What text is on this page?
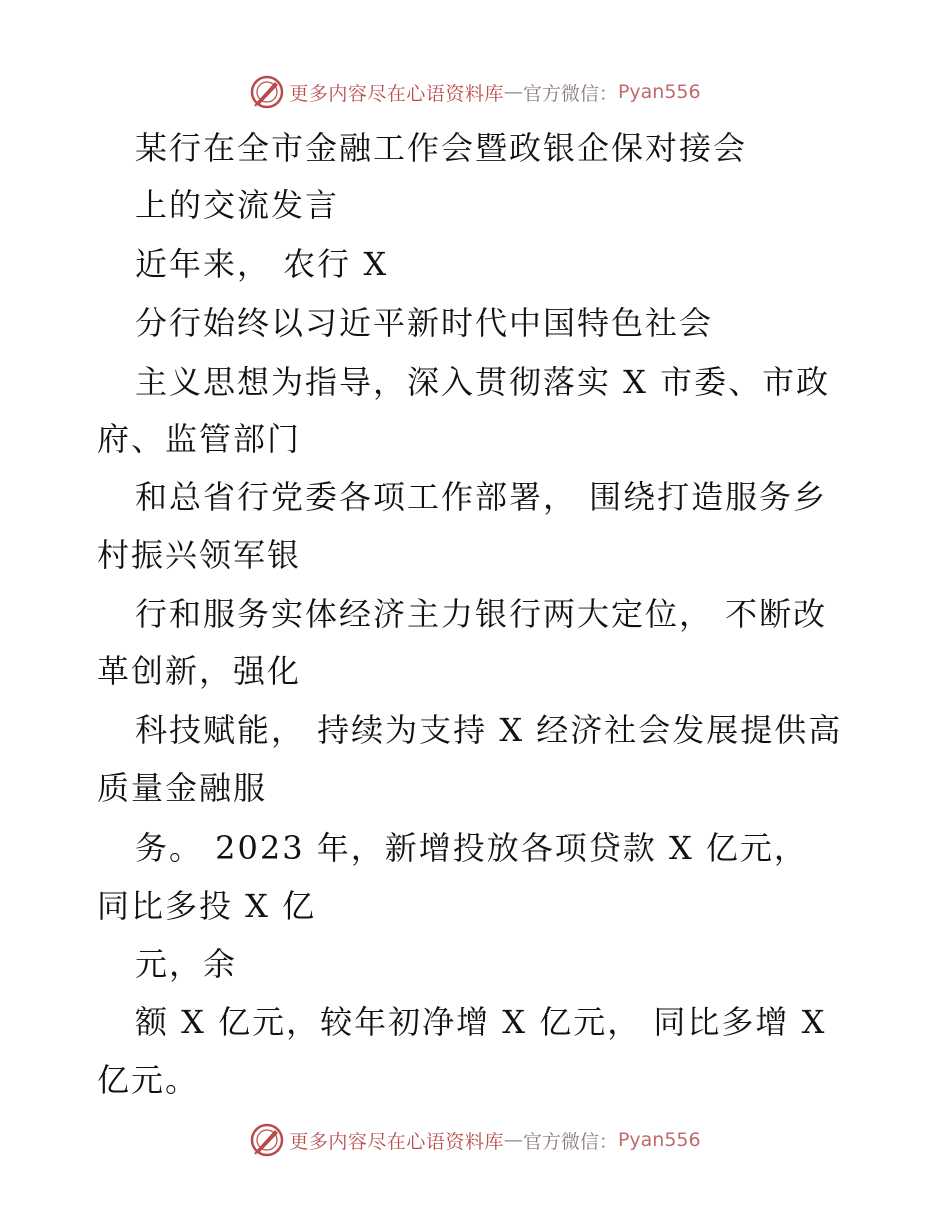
更多内容尽在心语资料库 — 官方微信： Pyan556
某行在全市金融工作会暨政银企保对接会
上的交流发言
近年来， 农行 X
分行始终以习近平新时代中国特色社会
主义思想为指导，深入贯彻落实 X 市委、市政
府、监管部门
和总省行党委各项工作部署， 围绕打造服务乡
村振兴领军银
行和服务实体经济主力银行两大定位， 不断改
革创新，强化
科技赋能， 持续为支持 X 经济社会发展提供高
质量金融服
务。 2023 年，新增投放各项贷款 X 亿元，
同比多投 X 亿
元，余
额 X 亿元，较年初净增 X 亿元， 同比多增 X
亿元。
更多内容尽在心语资料库 — 官方微信： Pyan556
